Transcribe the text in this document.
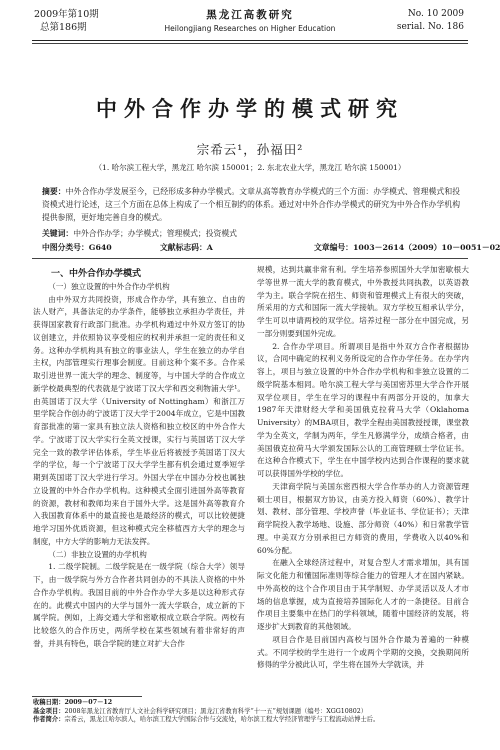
2009年第10期
总第186期
黑龙江高教研究
Heilongjiang Researches on Higher Education
No. 10 2009
serial. No. 186
中外合作办学的模式研究
宗希云¹，孙福田²
（1. 哈尔滨工程大学，黑龙江 哈尔滨 150001；2. 东北农业大学，黑龙江 哈尔滨 150001）
摘要：中外合作办学发展至今，已经形成多种办学模式。文章从高等教育办学模式的三个方面：办学模式、管理模式和投资模式进行论述，这三个方面在总体上构成了一个相互制约的体系。通过对中外合作办学模式的研究为中外合作办学机构提供参照，更好地完善自身的模式。
关键词：中外合作办学；办学模式；管理模式；投资模式
中图分类号：G640	文献标志码：A	文章编号：1003－2614（2009）10－0051－02

一、中外合作办学模式

（一）独立设置的中外合作办学机构

由中外双方共同投资，形成合作办学，具有独立、自由的法人财产，具备法定的办学条件，能够独立承担办学责任，并获得国家教育行政部门批准。办学机构通过中外双方签订的协议创建立，并依照协议享受相应的权利并承担一定的责任和义务。这种办学机构具有独立的事业法人，学生在独立的办学自主权，内部管理实行理事会制度。目前这种个案不多。合作采取引进世界一流大学的理念、制度等，与中国大学的合作成立新学校最典型的代表就是宁波诺丁汉大学和西交利物浦大学¹。由英国诺丁汉大学（University of Nottingham）和浙江万里学院合作创办的宁波诺丁汉大学于2004年成立，它是中国教育部批准的第一家具有独立法人资格和独立校区的中外合作大学。宁波诺丁汉大学实行全英文授课，实行与英国诺丁汉大学完全一致的教学评估体系，学生毕业后将被授予英国诺丁汉大学的学位，每一个宁波诺丁汉大学学生都有机会通过夏季短学期到英国诺丁汉大学进行学习。外国大学在中国办分校也属独立设置的中外合作办学机构。这种模式全面引进国外高等教育的资源，教材和教师均来自于国外大学。这是国外高等教育介入我国教育体系中的最直接也是最经济的模式，可以比较便捷地学习国外优质资源，但这种模式完全移植西方大学的理念与制度，中方大学的影响力无法发挥。

（二）非独立设置的办学机构

1. 二级学院制。二级学院是在一级学院（综合大学）领导下，由一级学院与外方合作者共同创办的不具法人资格的中外合作办学机构。我国目前的中外合作办学大多是以这种形式存在的。此模式中国内的大学与国外一流大学联合，成立新的下属学院。例如，上海交通大学和密歇根成立联合学院。两校有比较悠久的合作历史，两所学校在某些领域有着非常好的声誉，并具有特色，联合学院的建立对扩大合作

规模，达到共赢非常有利。学生培养参照国外大学加密歇根大学等世界一流大学的教育模式，中外教授共同执教，以英语教学为主。联合学院在招生、师资和管理模式上有很大的突破，所采用的方式和国际一流大学接轨。双方学校互相承认学分，学生可以申请两校的双学位。培养过程一部分在中国完成，另一部分则要到国外完成。

2. 合作办学项目。所谓项目是指中外双方合作者根据协议，合同中确定的权利义务所设定的合作办学任务。在办学内容上，项目与独立设置的中外合作办学机构和非独立设置的二级学院基本相同。哈尔滨工程大学与美国密苏里大学合作开展双学位项目，学生在学习的课程中有两部分开设的，加拿大1987年天津财经大学和美国俄克拉荷马大学（Oklahoma University）的MBA项目，教学全程由美国教授授课，课堂教学为全英文，学制为两年，学生凡修满学分，成绩合格者，由美国俄克拉荷马大学颁发国际公认的工商管理硕士学位证书。在这种合作模式下，学生在中国学校内达到合作课程的要求就可以获得国外学校的学位。

天津商学院与美国东密西根大学合作举办的人力资源管理硕士项目，根据双方协议，由美方投入师资（60%）、教学计划、教材、部分管理、学校声誉（毕业证书、学位证书）；天津商学院投入教学场地、设施、部分师资（40%）和日常教学管理。中美双方分别承担已方师资的费用，学费收入以40%和60%分配。

在融入全球经济过程中，对复合型人才需求增加，具有国际文化能力和懂国际准则等综合能力的管理人才在国内紧缺。中外高校的这个合作项目由于其学制短、办学灵活以及人才市场的信息掌握，成为直接培养国际化人才的一条捷径。目前合作项目主要集中在热门的学科领域，随着中国经济的发展，将逐步扩大到教育的其他领域。

项目合作是目前国内高校与国外合作最为普遍的一种模式。不同学校的学生进行一个或两个学期的交换，交换期间所修得的学分被此认可，学生将在国外大学就读，并

收稿日期：2009－07－12
基金项目：2008年黑龙江省教育厅人文社会科学研究项目；黑龙江省教育科学“十一五”规划课题（编号：XGG10802）
作者简介：宗希云，黑龙江哈尔滨人，哈尔滨工程大学国际合作与交流处，哈尔滨工程大学经济管理学与工程流动站博士后。
